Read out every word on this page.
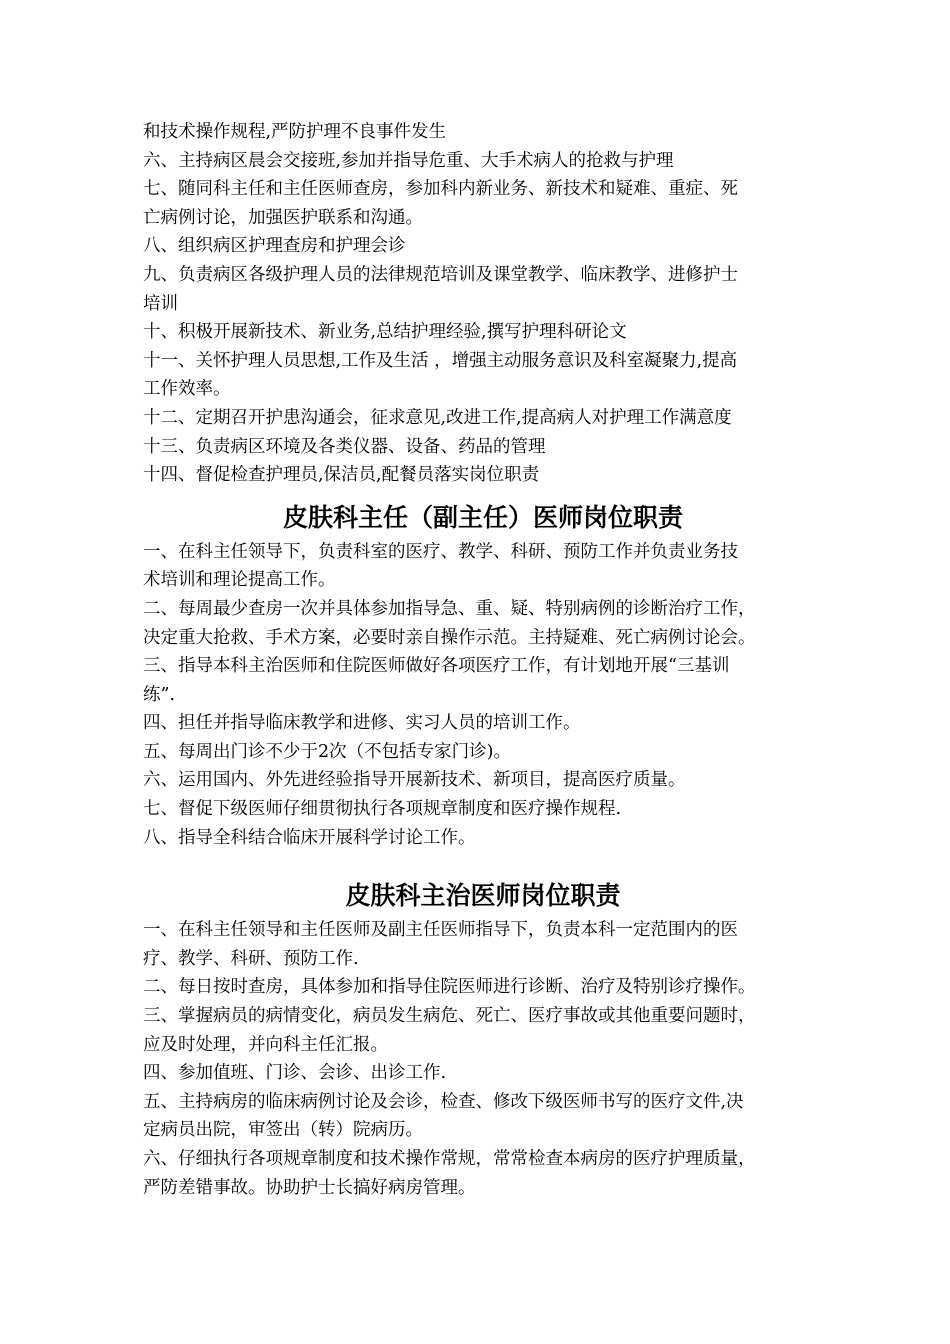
和技术操作规程,严防护理不良事件发生
六、主持病区晨会交接班,参加并指导危重、大手术病人的抢救与护理
七、随同科主任和主任医师查房，参加科内新业务、新技术和疑难、重症、死
亡病例讨论，加强医护联系和沟通。
八、组织病区护理查房和护理会诊
九、负责病区各级护理人员的法律规范培训及课堂教学、临床教学、进修护士
培训
十、积极开展新技术、新业务,总结护理经验,撰写护理科研论文
十一、关怀护理人员思想,工作及生活 ，增强主动服务意识及科室凝聚力,提高
工作效率。
十二、定期召开护患沟通会，征求意见,改进工作,提高病人对护理工作满意度
十三、负责病区环境及各类仪器、设备、药品的管理
十四、督促检查护理员,保洁员,配餐员落实岗位职责
皮肤科主任（副主任）医师岗位职责
一、在科主任领导下，负责科室的医疗、教学、科研、预防工作并负责业务技
术培训和理论提高工作。
二、每周最少查房一次并具体参加指导急、重、疑、特别病例的诊断治疗工作，
决定重大抢救、手术方案，必要时亲自操作示范。主持疑难、死亡病例讨论会。
三、指导本科主治医师和住院医师做好各项医疗工作，有计划地开展“三基训
练”.
四、担任并指导临床教学和进修、实习人员的培训工作。
五、每周出门诊不少于2次（不包括专家门诊)。
六、运用国内、外先进经验指导开展新技术、新项目，提高医疗质量。
七、督促下级医师仔细贯彻执行各项规章制度和医疗操作规程.
八、指导全科结合临床开展科学讨论工作。
皮肤科主治医师岗位职责
一、在科主任领导和主任医师及副主任医师指导下，负责本科一定范围内的医
疗、教学、科研、预防工作.
二、每日按时查房，具体参加和指导住院医师进行诊断、治疗及特别诊疗操作。
三、掌握病员的病情变化，病员发生病危、死亡、医疗事故或其他重要问题时，
应及时处理，并向科主任汇报。
四、参加值班、门诊、会诊、出诊工作.
五、主持病房的临床病例讨论及会诊，检查、修改下级医师书写的医疗文件,决
定病员出院，审签出（转）院病历。
六、仔细执行各项规章制度和技术操作常规，常常检查本病房的医疗护理质量，
严防差错事故。协助护士长搞好病房管理。
